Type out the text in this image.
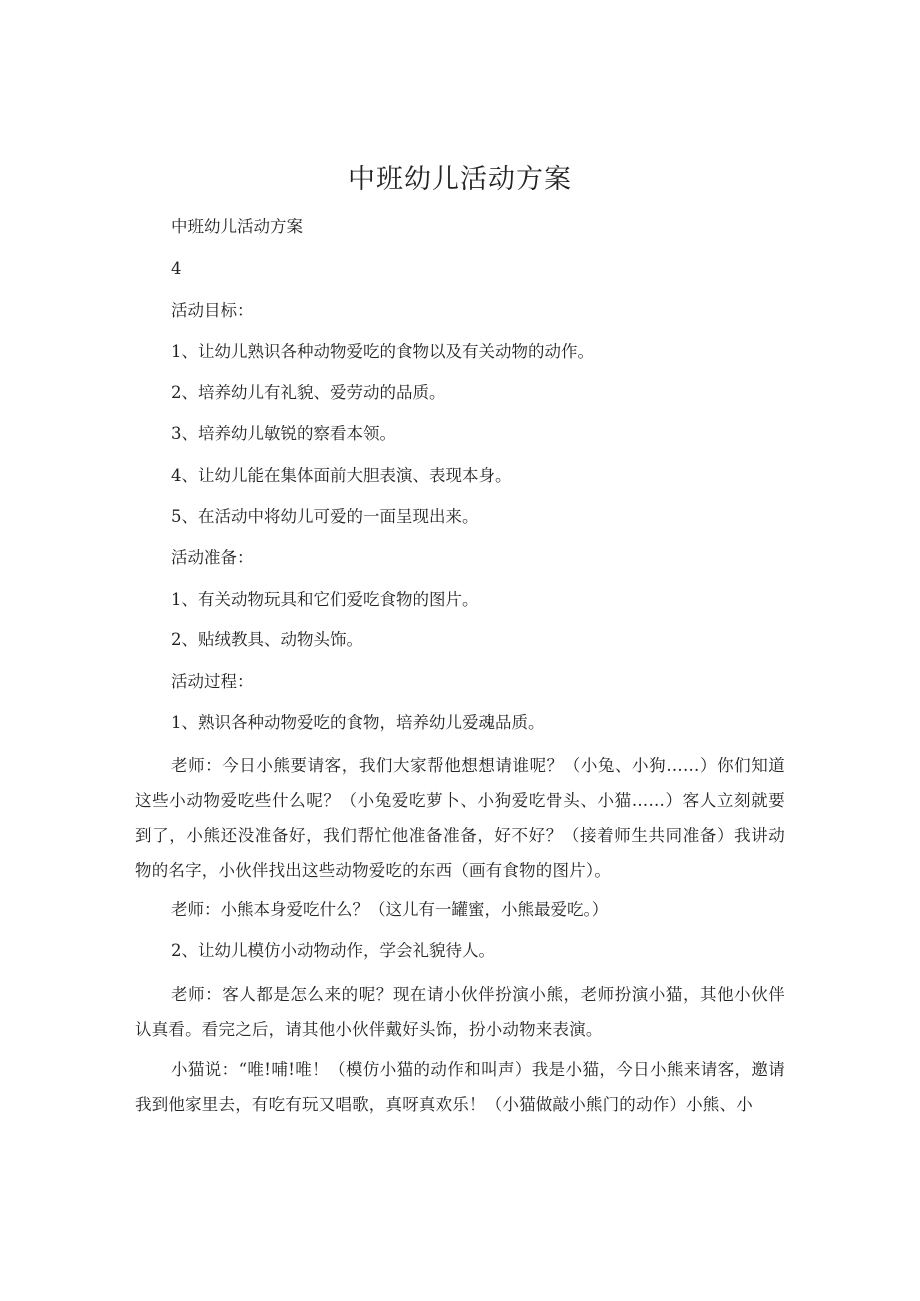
中班幼儿活动方案

中班幼儿活动方案

4

活动目标：

1、让幼儿熟识各种动物爱吃的食物以及有关动物的动作。

2、培养幼儿有礼貌、爱劳动的品质。

3、培养幼儿敏锐的察看本领。

4、让幼儿能在集体面前大胆表演、表现本身。

5、在活动中将幼儿可爱的一面呈现出来。

活动准备：

1、有关动物玩具和它们爱吃食物的图片。

2、贴绒教具、动物头饰。

活动过程：

1、熟识各种动物爱吃的食物，培养幼儿爱魂品质。

老师：今日小熊要请客，我们大家帮他想想请谁呢？（小兔、小狗……）你们知道这些小动物爱吃些什么呢？（小兔爱吃萝卜、小狗爱吃骨头、小猫……）客人立刻就要到了，小熊还没准备好，我们帮忙他准备准备，好不好？（接着师生共同准备）我讲动物的名字，小伙伴找出这些动物爱吃的东西（画有食物的图片）。

老师：小熊本身爱吃什么？（这儿有一罐蜜，小熊最爱吃。）

2、让幼儿模仿小动物动作，学会礼貌待人。

老师：客人都是怎么来的呢？现在请小伙伴扮演小熊，老师扮演小猫，其他小伙伴认真看。看完之后，请其他小伙伴戴好头饰，扮小动物来表演。

小猫说：“唯!哺!唯！（模仿小猫的动作和叫声）我是小猫，今日小熊来请客，邀请我到他家里去，有吃有玩又唱歌，真呀真欢乐！（小猫做敲小熊门的动作）小熊、小
